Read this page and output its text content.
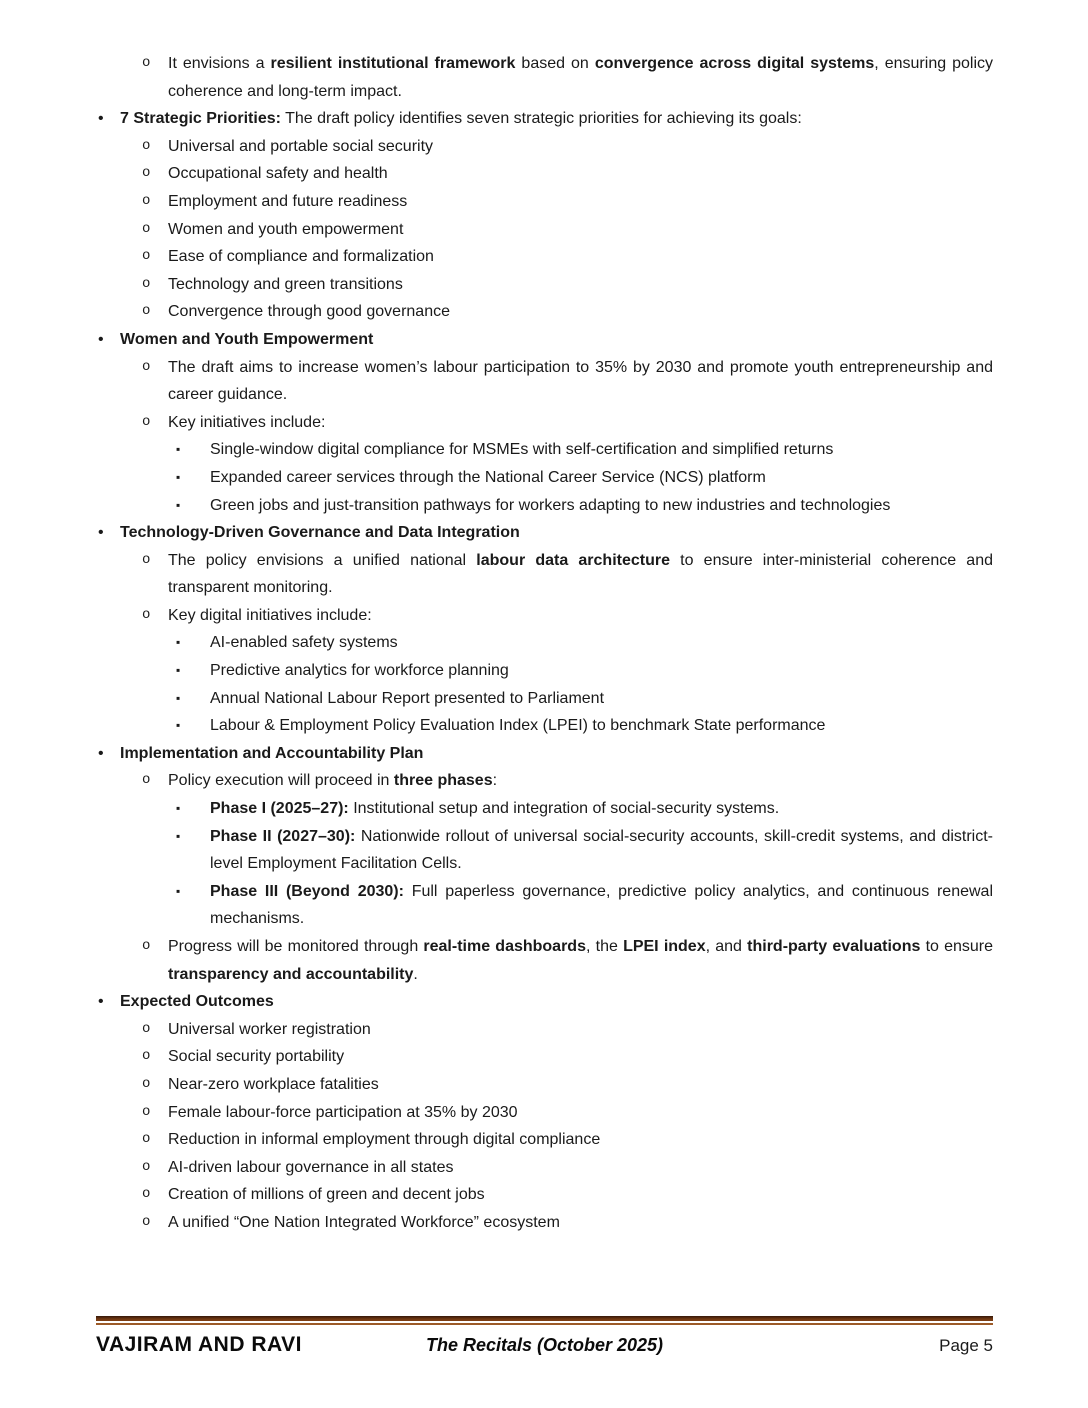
o It envisions a resilient institutional framework based on convergence across digital systems, ensuring policy coherence and long-term impact.
• 7 Strategic Priorities: The draft policy identifies seven strategic priorities for achieving its goals:
o Universal and portable social security
o Occupational safety and health
o Employment and future readiness
o Women and youth empowerment
o Ease of compliance and formalization
o Technology and green transitions
o Convergence through good governance
• Women and Youth Empowerment
o The draft aims to increase women’s labour participation to 35% by 2030 and promote youth entrepreneurship and career guidance.
o Key initiatives include:
▪ Single-window digital compliance for MSMEs with self-certification and simplified returns
▪ Expanded career services through the National Career Service (NCS) platform
▪ Green jobs and just-transition pathways for workers adapting to new industries and technologies
• Technology-Driven Governance and Data Integration
o The policy envisions a unified national labour data architecture to ensure inter-ministerial coherence and transparent monitoring.
o Key digital initiatives include:
▪ AI-enabled safety systems
▪ Predictive analytics for workforce planning
▪ Annual National Labour Report presented to Parliament
▪ Labour & Employment Policy Evaluation Index (LPEI) to benchmark State performance
• Implementation and Accountability Plan
o Policy execution will proceed in three phases:
▪ Phase I (2025–27): Institutional setup and integration of social-security systems.
▪ Phase II (2027–30): Nationwide rollout of universal social-security accounts, skill-credit systems, and district-level Employment Facilitation Cells.
▪ Phase III (Beyond 2030): Full paperless governance, predictive policy analytics, and continuous renewal mechanisms.
o Progress will be monitored through real-time dashboards, the LPEI index, and third-party evaluations to ensure transparency and accountability.
• Expected Outcomes
o Universal worker registration
o Social security portability
o Near-zero workplace fatalities
o Female labour-force participation at 35% by 2030
o Reduction in informal employment through digital compliance
o AI-driven labour governance in all states
o Creation of millions of green and decent jobs
o A unified “One Nation Integrated Workforce” ecosystem
VAJIRAM AND RAVI	The Recitals (October 2025)	Page 5
